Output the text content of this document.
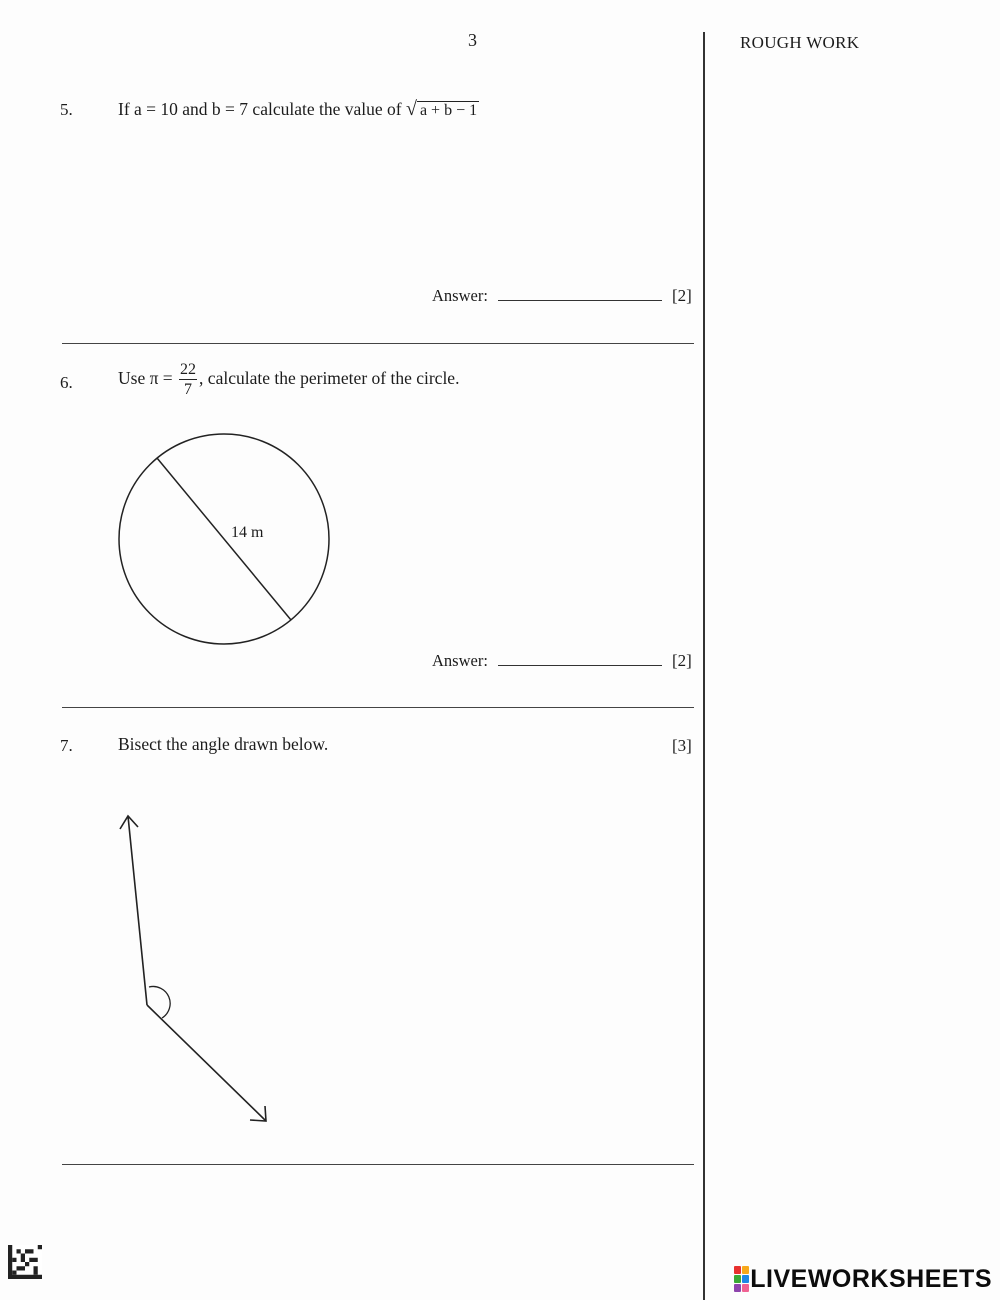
3	ROUGH WORK
5.	If a = 10 and b = 7 calculate the value of √ a + b − 1
Answer:	[2]
6.	Use $\pi = \frac{22}{7}$ , calculate the perimeter of the circle.
14 m
Answer:	[2]
7.	Bisect the angle drawn below.	[3]
LIVEWORKSHEETS
